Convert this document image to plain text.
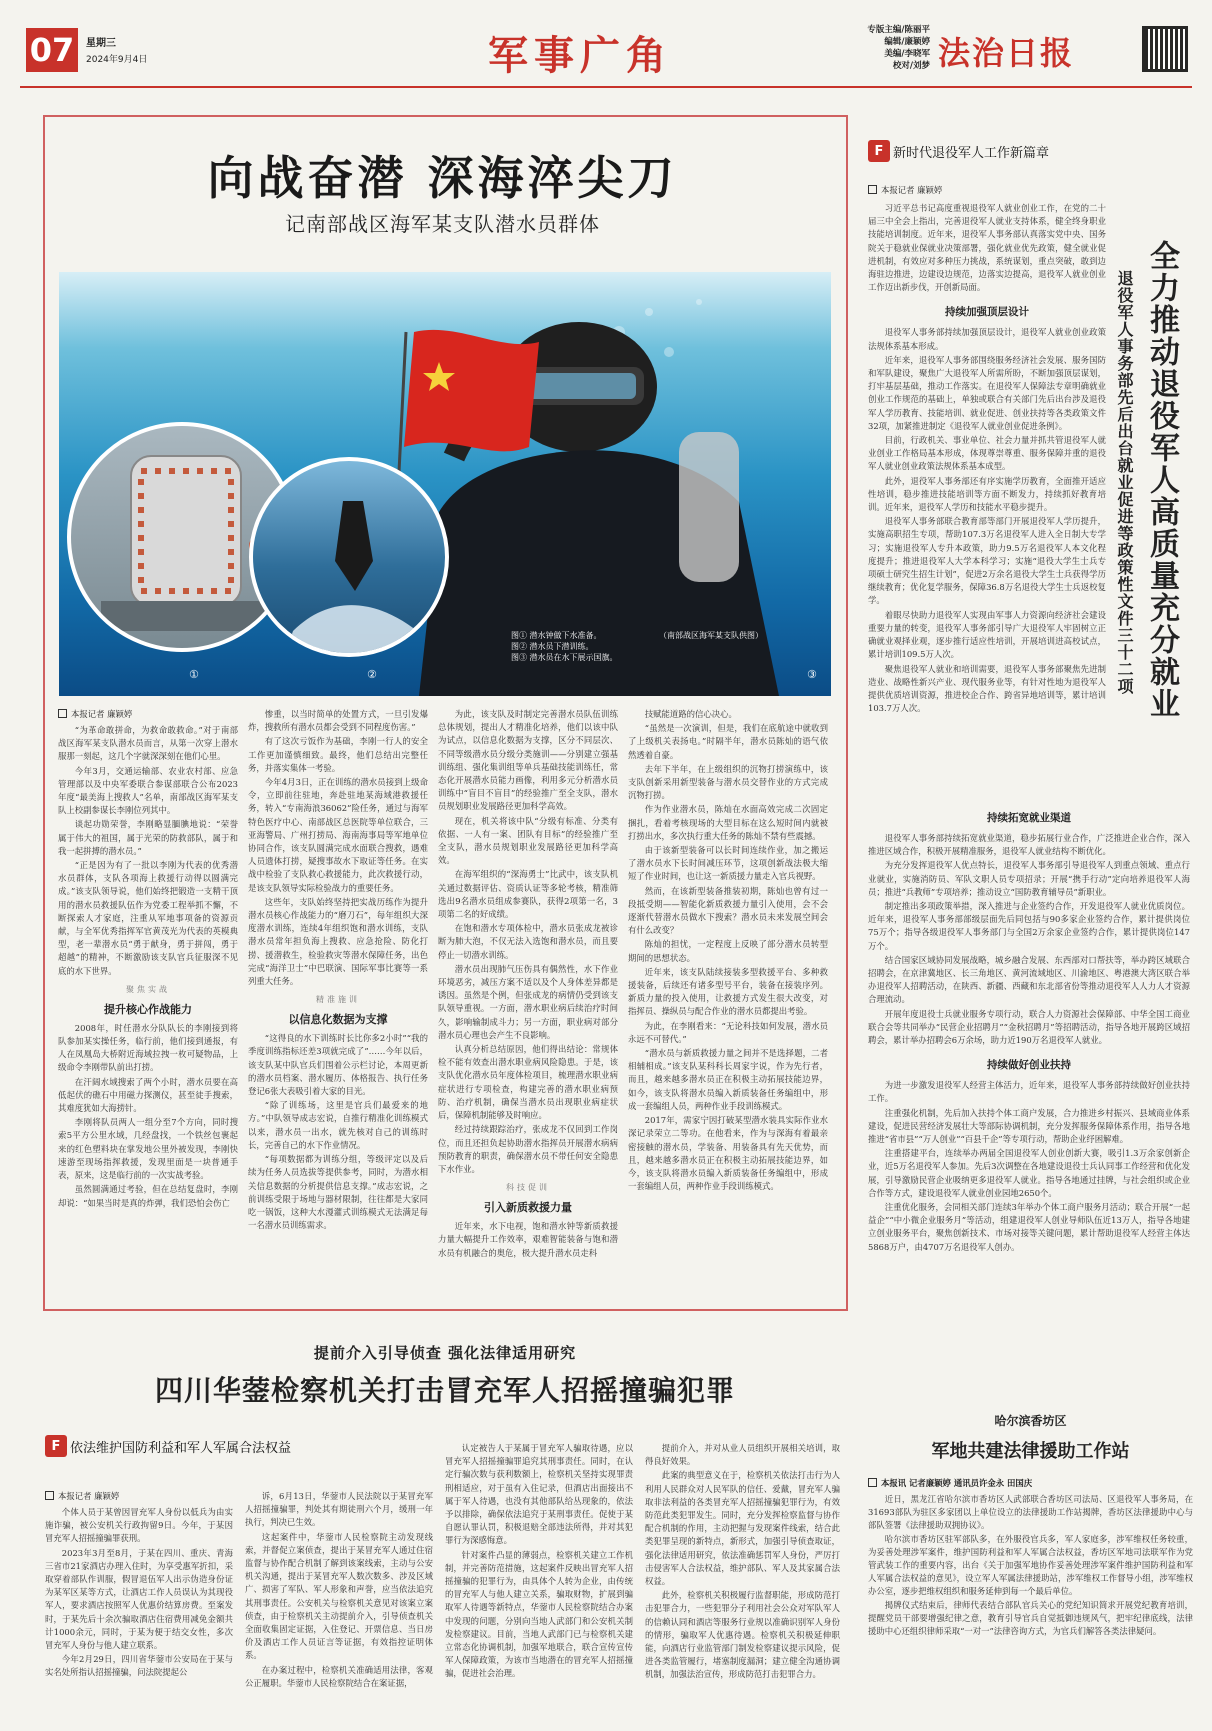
07	星期三
2024年9月4日	军事广角
专版主编/陈丽平
编辑/廉颖婷
美编/李晓军
校对/刘梦 法治日报
向战奋潜 深海淬尖刀
记南部战区海军某支队潜水员群体
①	②	③
图① 潜水钟做下水准备。
图② 潜水员下潜训练。
图③ 潜水员在水下展示国旗。
（南部战区海军某支队供图）
本报记者 廉颖婷

“为革命敢拼命，为救命敢救命。”对于南部战区海军某支队潜水员而言，从第一次穿上潜水服那一刻起，这几个字就深深刻在他们心里。

今年3月，交通运输部、农业农村部、应急管理部以及中央军委联合参谋部联合公布2023年度“最美海上搜救人”名单，南部战区海军某支队上校副参谋长李刚位列其中。

谈起功勋荣誉，李刚略显腼腆地说：“荣誉属于伟大的祖国，属于光荣的防救部队，属于和我一起拼搏的潜水员。”

“正是因为有了一批以李刚为代表的优秀潜水员群体，支队各项海上救援行动得以圆满完成。”该支队领导说，他们始终把锻造一支精干顶用的潜水员救援队伍作为党委工程举抓不懈，不断探索人才家庭，注重从军地事项备的资源贡献，与全军优秀指挥军官黄茂光为代表的英模典型，老一辈潜水员“勇于献身，勇于拼闯，勇于超越”的精神，不断激励该支队官兵征服深不见底的水下世界。

聚焦实战
提升核心作战能力

2008年，时任潜水分队队长的李刚接到将队参加某实操任务，临行前，他们接到通报，有人在凤凰岛大桥附近海域拉拽一枚可疑物品，上级命令李刚带队前出打捞。

在汗阔水域搜索了两个小时，潜水员要在高低起伏的礁石中用磁力探测仪，甚至徒手搜索，其难度犹如大海捞针。

李刚将队员两人一组分至7个方向，同时搜索5平方公里水域，几经盘找，一个铁丝包裹起来的红色塑料块在掌发地公里外被发现，李刚快速游至现场指挥救援，发现里面是一块普通手表，原来，这是临行前的一次实战考验。

虽然圆满通过考验，但在总结复盘时，李刚却说：“如果当时是真的炸弹，我们恐怕会伤亡

惨重，以当时简单的处置方式，一旦引发爆炸，搜救所有潜水员都会受到不同程度伤害。”

有了这次亏饭作为基础，李刚一行人的安全工作更加谨慎细致。最终，他们总结出完整任务，并落实集体一考验。

今年4月3日，正在训练的潜水员接到上级命令，立即前往驻地，奔赴驻地某海域港救援任务，转入“专南海浪36062”险任务，通过与海军特色医疗中心、南部战区总医院等单位联合，三亚海警局、广州打捞局、海南海事局等军地单位协同合作，该支队圆满完成水面联合搜救，遇难人员遗体打捞，疑搜事故水下取证等任务。在实战中检验了支队救心救援能力，此次救援行动，是该支队领导实际检验战力的重要任务。

这些年，支队始终坚持把实战历练作为提升潜水员核心作战能力的“磨刀石”，每年组织大深度潜水训练，连续4年组织饱和潜水训练，支队潜水员常年担负海上搜救、应急抢险、防化打捞、援潜救生，检验救灾等潜水保障任务，出色完成“海洋卫士”中巴联演、国际军事比赛等一系列重大任务。

精准施训
以信息化数据为支撑

“这得良的水下训练时长比你多2小时”“我的季度训练指标还差3项就完成了”……今年以后，该支队某中队官兵们围着公示栏讨论，本周更新的潜水员档案、潜水履历、体格报告、执行任务登记6张大表吸引着大家的目光。

“除了训练场，这里是官兵们最爱来的地方。”中队领导成志宏说，自推行精准化训练模式以来，潜水员一出水，就先核对自己的训练时长，完善自己的水下作业情况。

“每项数据都为训练分组，等级评定以及后续为任务人员选拔等提供参考，同时，为潜水相关信息数据的分析提供信息支撑。”成志宏说，之前训练受限于场地与器材限制，往往都是大家同吃一锅饭，这种大水漫灌式训练模式无法满足每一名潜水员训练需求。

为此，该支队及时制定完善潜水员队伍训练总体规划，提出人才精准化培养，他们以该中队为试点，以信息化数据为支撑，区分不同层次、不同等级潜水员分级分类施训——分别建立强基训练组、强化集训组等单兵基础技能训练任，常态化开展潜水员能力画像，利用多元分析潜水员训练中“盲目不盲目”的经验推广至全支队，潜水员规划职业发展路径更加科学高效。

现在，机关将该中队“分级有标准、分类有依据、一人有一案、团队有目标”的经验推广至全支队，潜水员规划职业发展路径更加科学高效。

在海军组织的“深海勇士”比武中，该支队机关通过数据评估、资质认证等多轮考核，精准筛选出9名潜水员组成参赛队，获得2项第一名，3项第二名的好成绩。

在饱和潜水专项体检中，潜水员张成龙被诊断为肺大泡，不仅无法入选饱和潜水员，而且要停止一切潜水训练。

潜水员出现肺气压伤具有偶然性，水下作业环境恶劣，减压方案不适以及个人身体差异都是诱因。虽然是个例，但张成龙的病情仍受到该支队领导重视。一方面，潜水职业病后续治疗时间久，影响输制成斗力；另一方面，职业病对部分潜水员心理也会产生不良影响。

认真分析总结原因，他们得出结论：常规体检不能有效查出潜水职业病风险隐患。于是，该支队优化潜水员年度体检项目，梳理潜水职业病症状进行专项检查，构建完善的潜水职业病预防、治疗机制，确保当潜水员出现职业病症状后，保障机制能够及时响应。

经过持续跟踪治疗，张成龙不仅回到工作岗位，而且还担负起协助潜水指挥员开展潜水病病预防教育的职责，确保潜水员不带任何安全隐患下水作业。

科技促训
引入新质救援力量

近年来，水下电视，饱和潜水钟等新质救援力量大幅提升工作效率，艰难智能装备与饱和潜水员有机融合的奥危，极大提升潜水员走科

技赋能道路的信心决心。

“虽然是一次演训，但是，我们在底航途中就收到了上级机关表扬电。”时隔半年，潜水员陈灿的语气依然透着自豪。

去年下半年，在上级组织的沉物打捞演练中，该支队创新采用新型装备与潜水员交替作业的方式完成沉物打捞。

作为作业潜水员，陈灿在水面高效完成二次固定捆扎，看着考核现场的大型目标在这么短时间内就被打捞出水，多次执行重大任务的陈灿不禁有些震撼。

由于该新型装备可以长时间连续作业，加之搬运了潜水员水下长时间减压环节，这项创新战法极大缩短了作业时间，也让这一新质援力量走入官兵视野。

然而，在该新型装备推装初期，陈灿也曾有过一段抵受期——智能化新质救援力量引入使用，会不会逐渐代替潜水员做水下搜索？潜水员未来发展空间会有什么改变？

陈灿的担忧，一定程度上反映了部分潜水员转型期间的思想状态。

近年来，该支队陆续接装多型救援平台、多种救援装备，后续还有诸多型号平台，装备在接装序列。新质力量的投入使用，让救援方式发生很大改变，对指挥员、操纵员与配合作业的潜水员都提出考验。

为此，在李刚看来：“无论科技如何发展，潜水员永远不可替代。”

“潜水员与新质救援力量之间并不是选择题，二者相辅相成。”该支队某科科长周家宇说，作为先行者，而且，越来越多潜水员正在积极主动拓展技能边界，如今，该支队将潜水员编入新质装备任务编组中，形成一套编组人员，两种作业手段训练模式。

2017年，需家宁因打破某型潜水装具实际作业水深记录荣立二等功。在他看来，作为与深海有着最亲密接触的潜水员，学装备、用装备具有先天优势，而且，越来越多潜水员正在积极主动拓展技能边界，如今，该支队将潜水员编入新质装备任务编组中，形成一套编组人员，两种作业手段训练模式。

F 新时代退役军人工作新篇章
本报记者 廉颖婷
全力推动退役军人高质量充分就业
退役军人事务部先后出台就业促进等政策性文件三十二项

习近平总书记高度重视退役军人就业创业工作，在党的二十届三中全会上指出，完善退役军人就业支持体系，健全终身职业技能培训制度。近年来，退役军人事务部认真落实党中央、国务院关于稳就业保就业决策部署，强化就业优先政策，健全就业促进机制，有效应对多种压力挑战，系统谋划，重点突破，敢到边海驻边推进，边建设边规范，边落实边提高，退役军人就业创业工作迈出新步伐，开创新局面。

持续加强顶层设计

退役军人事务部持续加强顶层设计，退役军人就业创业政策法规体系基本形成。

近年来，退役军人事务部围绕服务经济社会发展、服务国防和军队建设，聚焦广大退役军人所需所盼，不断加强顶层谋划，打牢基层基础，推动工作落实。在退役军人保障法专章明确就业创业工作规范的基础上，单独或联合有关部门先后出台涉及退役军人学历教育、技能培训、就业促进、创业扶持等各类政策文件32项，加紧推进制定《退役军人就业创业促进条例》。

目前，行政机关、事业单位、社会力量并抓共管退役军人就业创业工作格局基本形成，体现尊崇尊重、服务保障并重的退役军人就业创业政策法规体系基本成型。

此外，退役军人事务部还有序实施学历教育，全面推开适应性培训，稳步推进技能培训等方面不断发力，持续抓好教育培训。近年来，退役军人学历和技能水平稳步提升。

退役军人事务部联合教育部等部门开展退役军人学历提升，实施高职招生专项，帮助107.3万名退役军人进入全日制大专学习；实施退役军人专升本政策，助力9.5万名退役军人本文化程度提升；推进退役军人大学本科学习；实施“退役大学生士兵专项硕士研究生招生计划”，促进2万余名退役大学生士兵获得学历继续教育；优化复学服务，保障36.8万名退役大学生士兵返校复学。

着眼尽快助力退役军人实现由军事人力资源向经济社会建设重要力量的转变，退役军人事务部引导广大退役军人牢固树立正确就业观择业观，逐步推行适应性培训，开展培训进高校试点，累计培训109.5万人次。

聚焦退役军人就业和培训需要，退役军人事务部聚焦先进制造业、战略性新兴产业、现代服务业等，有针对性地为退役军人提供优质培训资源，推进校企合作、跨省异地培训等，累计培训103.7万人次。

持续拓宽就业渠道

退役军人事务部持续拓宽就业渠道，稳步拓展行业合作，广泛推进企业合作，深入推进区域合作，积极开展精准服务，退役军人就业结构不断优化。

为充分发挥退役军人优点特长，退役军人事务部引导退役军人到重点领域、重点行业就业，实施消防员、军队文职人员专项招录；开展“携手行动”定向培养退役军人海员；推进“兵教师”专项培养；推动设立“国防教育辅导员”新职业。

制定推出多项政策举措，深入推进与企业签约合作，开发退役军人就业优质岗位。近年来，退役军人事务部部级层面先后同包括与90多家企业签约合作，累计提供岗位75万个；指导各级退役军人事务部门与全国2万余家企业签约合作，累计提供岗位147万个。

结合国家区域协同发展战略，城乡融合发展、东西部对口帮扶等，举办跨区域联合招聘会，在京津冀地区、长三角地区、黄河流域地区、川渝地区、粤港澳大湾区联合举办退役军人招聘活动，在陕西、新疆、西藏和东北部省份等推动退役军人人力人才资源合理流动。

开展年度退役士兵就业服务专项行动，联合人力资源社会保障部、中华全国工商业联合会等共同举办“民营企业招聘月”“金秋招聘月”等招聘活动，指导各地开展跨区域招聘会，累计举办招聘会6万余场，助力近190万名退役军人就业。

持续做好创业扶持

为进一步激发退役军人经营主体活力，近年来，退役军人事务部持续做好创业扶持工作。

注重强化机制，先后加入扶持个体工商户发展，合力推进乡村振兴、县域商业体系建设，促进民营经济发展壮大等部际协调机制，充分发挥服务保障体系作用，指导各地推进“省市县”“万人创业”“百县千企”等专项行动，帮助企业纾困解难。

注重搭建平台，连续举办两届全国退役军人创业创新大赛，吸引1.3万余家创新企业，近5万名退役军人参加。先后3次调整在各地建设退役士兵认同事工作经营和优化发展，引导激励民营企业吸纳更多退役军人就业。指导各地通过挂牌，与社会组织或企业合作等方式，建设退役军人就业创业园地2650个。

注重优化服务，会同相关部门连续3年举办个体工商户服务月活动；联合开展“一起益企”“中小微企业服务月”等活动，组建退役军人创业导师队伍近13万人，指导各地建立创业服务平台，聚焦创新技术、市场对接等关键问题，累计帮助退役军人经营主体达5868万户，由4707万名退役军人创办。

提前介入引导侦查 强化法律适用研究
四川华蓥检察机关打击冒充军人招摇撞骗犯罪
F 依法维护国防利益和军人军属合法权益
本报记者 廉颖婷

个体人员于某曾因冒充军人身份以低兵为由实施诈骗，被公安机关行政拘留9日。今年，于某因冒充军人招摇撞骗罪获刑。

2023年3月至8月，于某在四川、重庆、青海三省市21家酒店办理入住时，为享受惠军折扣，采取穿着部队作训服，假冒退伍军人出示伪造身份证为某军区某等方式，让酒店工作人员误认为其现役军人，要求酒店按照军人优惠价结算房费。至案发时，于某先后十余次骗取酒店住宿费用减免金额共计1000余元，同时，于某为便于结交女性，多次冒充军人身份与他人建立联系。

今年2月29日，四川省华蓥市公安局在于某与实名处所指认招摇撞骗，问法院提起公

诉，6月13日，华蓥市人民法院以于某冒充军人招摇撞骗罪，判处其有期徒刑六个月，缓刑一年执行，判决已生效。

这起案件中，华蓥市人民检察院主动发现线索，并督促立案侦查，提出于某冒充军人通过住宿监督与协作配合机制了解到该案线索，主动与公安机关沟通，提出于某冒充军人数次数多、涉及区域广、损害了军队、军人形象和声誉，应当依法追究其刑事责任。公安机关与检察机关意见对该案立案侦查，由于检察机关主动提前介入，引导侦查机关全面收集固定证据，入住登记、开票信息、当日房价及酒店工作人员证言等证据，有效指控证明体系。

在办案过程中，检察机关准确适用法律，客观公正履职。华蓥市人民检察院结合在案证据，

认定被告人于某属于冒充军人骗取待遇，应以冒充军人招摇撞骗罪追究其刑事责任。同时，在认定行骗次数与获利数额上，检察机关坚持实现罪责刑相适应，对于虽有入住记录，但酒店出面接出不属于军人待遇，也没有其他部队给丛现象的，依法予以排除，确保依法追究于某刑事责任。促使于某自愿认罪认罚，积极退赔全部违法所得，并对其犯罪行为深感悔意。

针对案件凸显的薄弱点，检察机关建立工作机制，并完善防范措施，这起案件反映出冒充军人招摇撞骗的犯罪行为，由具体个人转为企业，由传统的冒充军人与他人建立关系，骗取财物，扩展到骗取军人待遇等新特点，华蓥市人民检察院结合办案中发现的问题，分别向当地人武部门和公安机关制发检察建议。目前，当地人武部门已与检察机关建立常态化协调机制，加强军地联合，联合宣传宣传军人保障政策，为该市当地潜在的冒充军人招摇撞骗，促进社会治理。

提前介入，并对从业人员组织开展相关培训，取得良好效果。

此案的典型意义在于，检察机关依法打击行为人利用人民群众对人民军队的信任、爱戴，冒充军人骗取非法利益的各类冒充军人招摇撞骗犯罪行为，有效防范此类犯罪发生。同时，充分发挥检察监督与协作配合机制的作用，主动把握与发现案件线索，结合此类犯罪呈现的新特点，新形式，加强引导侦查取证，强化法律适用研究，依法准确惩罚军人身份，严厉打击侵害军人合法权益，维护部队、军人及其家属合法权益。

此外，检察机关积极履行监督职能，形成防范打击犯罪合力，一些犯罪分子利用社会公众对军队军人的信赖认同和酒店等服务行业规以准确识别军人身份的情形，骗取军人优惠待遇。检察机关积极延伸职能，向酒店行业监管部门制发检察建议提示风险，促进各类监管履行，堵塞制度漏洞；建立健全沟通协调机制，加强法治宣传，形成防范打击犯罪合力。

哈尔滨香坊区
军地共建法律援助工作站
本报讯 记者廉颖婷 通讯员许金永 田国庆

近日，黑龙江省哈尔滨市香坊区人武部联合香坊区司法局、区退役军人事务局，在31693部队为驻区多家团以上单位设立的法律援助工作站揭牌，香坊区法律援助中心与部队签署《法律援助双拥协议》。

哈尔滨市香坊区驻军部队多，在外服役官兵多，军人家庭多，涉军维权任务较重，为妥善处理涉军案件，维护国防利益和军人军属合法权益，香坊区军地司法联军作为党管武装工作的重要内容，出台《关于加强军地协作妥善处理涉军案件维护国防利益和军人军属合法权益的意见》，设立军人军属法律援助站，涉军维权工作督导小组，涉军维权办公室，逐步把维权组织和服务延伸到每一个最后单位。

揭牌仪式结束后，律师代表结合部队官兵关心的党纪知识简求开展党纪教育培训，提醒党员干部要增强纪律之意，教育引导官兵自觉抵御违规风气，把牢纪律底线，法律援助中心还组织律师采取“一对一”法律咨询方式，为官兵们解答各类法律疑问。
